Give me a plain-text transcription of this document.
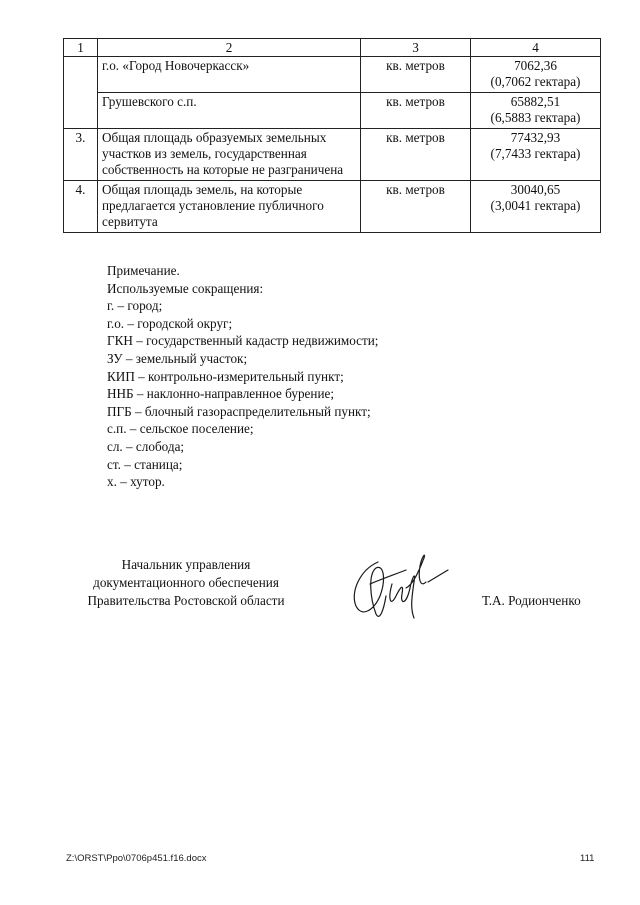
1	2	3	4
	г.о. «Город Новочеркасск»	кв. метров	7062,36
(0,7062 гектара)

	Грушевского с.п.	кв. метров	65882,51
(6,5883 гектара)

3.	Общая площадь образуемых земельных участков из земель, государственная собственность на которые не разграничена	кв. метров	77432,93
(7,7433 гектара)

4.	Общая площадь земель, на которые предлагается установление публичного сервитута	кв. метров	30040,65
(3,0041 гектара)
Примечание.
Используемые сокращения:
г. – город;
г.о. – городской округ;
ГКН – государственный кадастр недвижимости;
ЗУ – земельный участок;
КИП – контрольно-измерительный пункт;
ННБ – наклонно-направленное бурение;
ПГБ – блочный газораспределительный пункт;
с.п. – сельское поселение;
сл. – слобода;
ст. – станица;
х. – хутор.
Начальник управления
документационного обеспечения
Правительства Ростовской области	Т.А. Родионченко
Z:\ORST\Ppo\0706p451.f16.docx	111
